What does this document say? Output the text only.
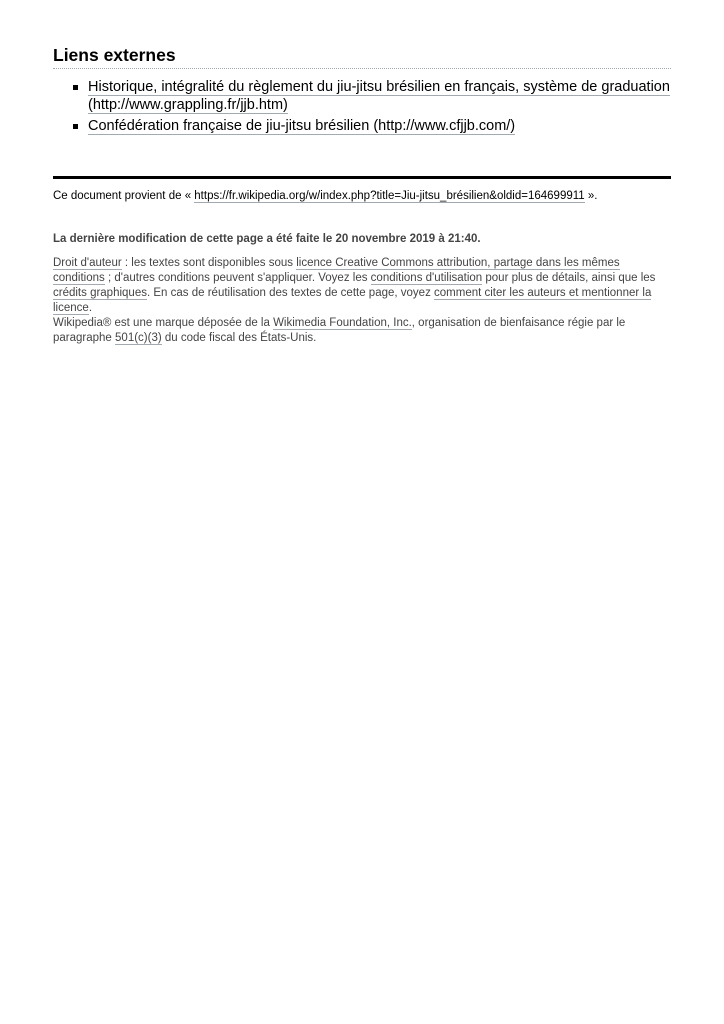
Liens externes
Historique, intégralité du règlement du jiu-jitsu brésilien en français, système de graduation (http://www.grappling.fr/jjb.htm)
Confédération française de jiu-jitsu brésilien (http://www.cfjjb.com/)
Ce document provient de « https://fr.wikipedia.org/w/index.php?title=Jiu-jitsu_brésilien&oldid=164699911 ».
La dernière modification de cette page a été faite le 20 novembre 2019 à 21:40.
Droit d'auteur : les textes sont disponibles sous licence Creative Commons attribution, partage dans les mêmes conditions ; d'autres conditions peuvent s'appliquer. Voyez les conditions d'utilisation pour plus de détails, ainsi que les crédits graphiques. En cas de réutilisation des textes de cette page, voyez comment citer les auteurs et mentionner la licence.
Wikipedia® est une marque déposée de la Wikimedia Foundation, Inc., organisation de bienfaisance régie par le paragraphe 501(c)(3) du code fiscal des États-Unis.
